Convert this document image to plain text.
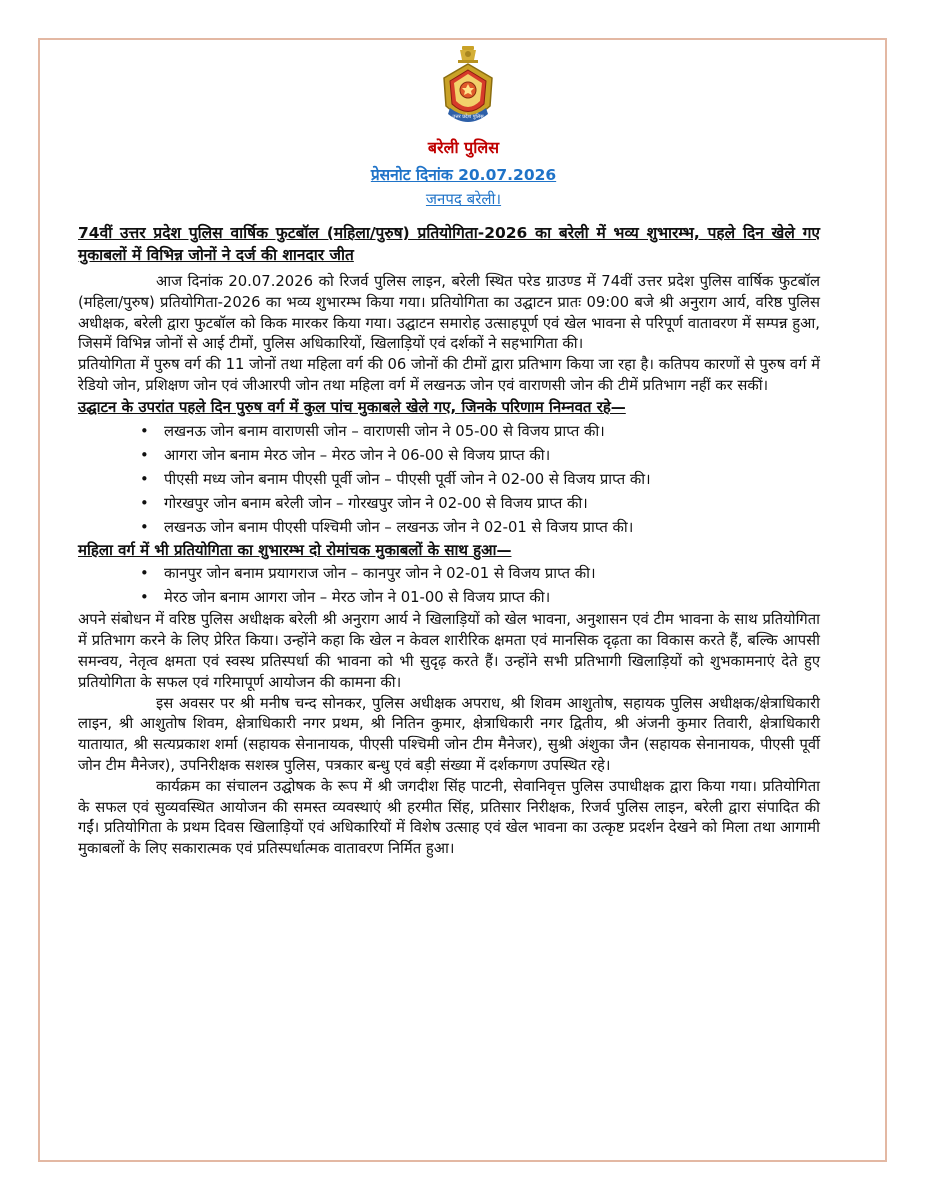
उत्तर प्रदेश पुलिस
बरेली पुलिस
प्रेसनोट दिनांक 20.07.2026
जनपद बरेली।

74वीं उत्तर प्रदेश पुलिस वार्षिक फुटबॉल (महिला/पुरुष) प्रतियोगिता-2026 का बरेली में भव्य शुभारम्भ, पहले दिन खेले गए मुकाबलों में विभिन्न जोनों ने दर्ज की शानदार जीत

आज दिनांक 20.07.2026 को रिजर्व पुलिस लाइन, बरेली स्थित परेड ग्राउण्ड में 74वीं उत्तर प्रदेश पुलिस वार्षिक फुटबॉल (महिला/पुरुष) प्रतियोगिता-2026 का भव्य शुभारम्भ किया गया। प्रतियोगिता का उद्घाटन प्रातः 09:00 बजे श्री अनुराग आर्य, वरिष्ठ पुलिस अधीक्षक, बरेली द्वारा फुटबॉल को किक मारकर किया गया। उद्घाटन समारोह उत्साहपूर्ण एवं खेल भावना से परिपूर्ण वातावरण में सम्पन्न हुआ, जिसमें विभिन्न जोनों से आई टीमों, पुलिस अधिकारियों, खिलाड़ियों एवं दर्शकों ने सहभागिता की।

प्रतियोगिता में पुरुष वर्ग की 11 जोनों तथा महिला वर्ग की 06 जोनों की टीमों द्वारा प्रतिभाग किया जा रहा है। कतिपय कारणों से पुरुष वर्ग में रेडियो जोन, प्रशिक्षण जोन एवं जीआरपी जोन तथा महिला वर्ग में लखनऊ जोन एवं वाराणसी जोन की टीमें प्रतिभाग नहीं कर सकीं।

उद्घाटन के उपरांत पहले दिन पुरुष वर्ग में कुल पांच मुकाबले खेले गए, जिनके परिणाम निम्नवत रहे—

• लखनऊ जोन बनाम वाराणसी जोन – वाराणसी जोन ने 05-00 से विजय प्राप्त की।
• आगरा जोन बनाम मेरठ जोन – मेरठ जोन ने 06-00 से विजय प्राप्त की।
• पीएसी मध्य जोन बनाम पीएसी पूर्वी जोन – पीएसी पूर्वी जोन ने 02-00 से विजय प्राप्त की।
• गोरखपुर जोन बनाम बरेली जोन – गोरखपुर जोन ने 02-00 से विजय प्राप्त की।
• लखनऊ जोन बनाम पीएसी पश्चिमी जोन – लखनऊ जोन ने 02-01 से विजय प्राप्त की।

महिला वर्ग में भी प्रतियोगिता का शुभारम्भ दो रोमांचक मुकाबलों के साथ हुआ—

• कानपुर जोन बनाम प्रयागराज जोन – कानपुर जोन ने 02-01 से विजय प्राप्त की।
• मेरठ जोन बनाम आगरा जोन – मेरठ जोन ने 01-00 से विजय प्राप्त की।

अपने संबोधन में वरिष्ठ पुलिस अधीक्षक बरेली श्री अनुराग आर्य ने खिलाड़ियों को खेल भावना, अनुशासन एवं टीम भावना के साथ प्रतियोगिता में प्रतिभाग करने के लिए प्रेरित किया। उन्होंने कहा कि खेल न केवल शारीरिक क्षमता एवं मानसिक दृढ़ता का विकास करते हैं, बल्कि आपसी समन्वय, नेतृत्व क्षमता एवं स्वस्थ प्रतिस्पर्धा की भावना को भी सुदृढ़ करते हैं। उन्होंने सभी प्रतिभागी खिलाड़ियों को शुभकामनाएं देते हुए प्रतियोगिता के सफल एवं गरिमापूर्ण आयोजन की कामना की।

इस अवसर पर श्री मनीष चन्द सोनकर, पुलिस अधीक्षक अपराध, श्री शिवम आशुतोष, सहायक पुलिस अधीक्षक/क्षेत्राधिकारी लाइन, श्री आशुतोष शिवम, क्षेत्राधिकारी नगर प्रथम, श्री नितिन कुमार, क्षेत्राधिकारी नगर द्वितीय, श्री अंजनी कुमार तिवारी, क्षेत्राधिकारी यातायात, श्री सत्यप्रकाश शर्मा (सहायक सेनानायक, पीएसी पश्चिमी जोन टीम मैनेजर), सुश्री अंशुका जैन (सहायक सेनानायक, पीएसी पूर्वी जोन टीम मैनेजर), उपनिरीक्षक सशस्त्र पुलिस, पत्रकार बन्धु एवं बड़ी संख्या में दर्शकगण उपस्थित रहे।

कार्यक्रम का संचालन उद्घोषक के रूप में श्री जगदीश सिंह पाटनी, सेवानिवृत्त पुलिस उपाधीक्षक द्वारा किया गया। प्रतियोगिता के सफल एवं सुव्यवस्थित आयोजन की समस्त व्यवस्थाएं श्री हरमीत सिंह, प्रतिसार निरीक्षक, रिजर्व पुलिस लाइन, बरेली द्वारा संपादित की गईं। प्रतियोगिता के प्रथम दिवस खिलाड़ियों एवं अधिकारियों में विशेष उत्साह एवं खेल भावना का उत्कृष्ट प्रदर्शन देखने को मिला तथा आगामी मुकाबलों के लिए सकारात्मक एवं प्रतिस्पर्धात्मक वातावरण निर्मित हुआ।
